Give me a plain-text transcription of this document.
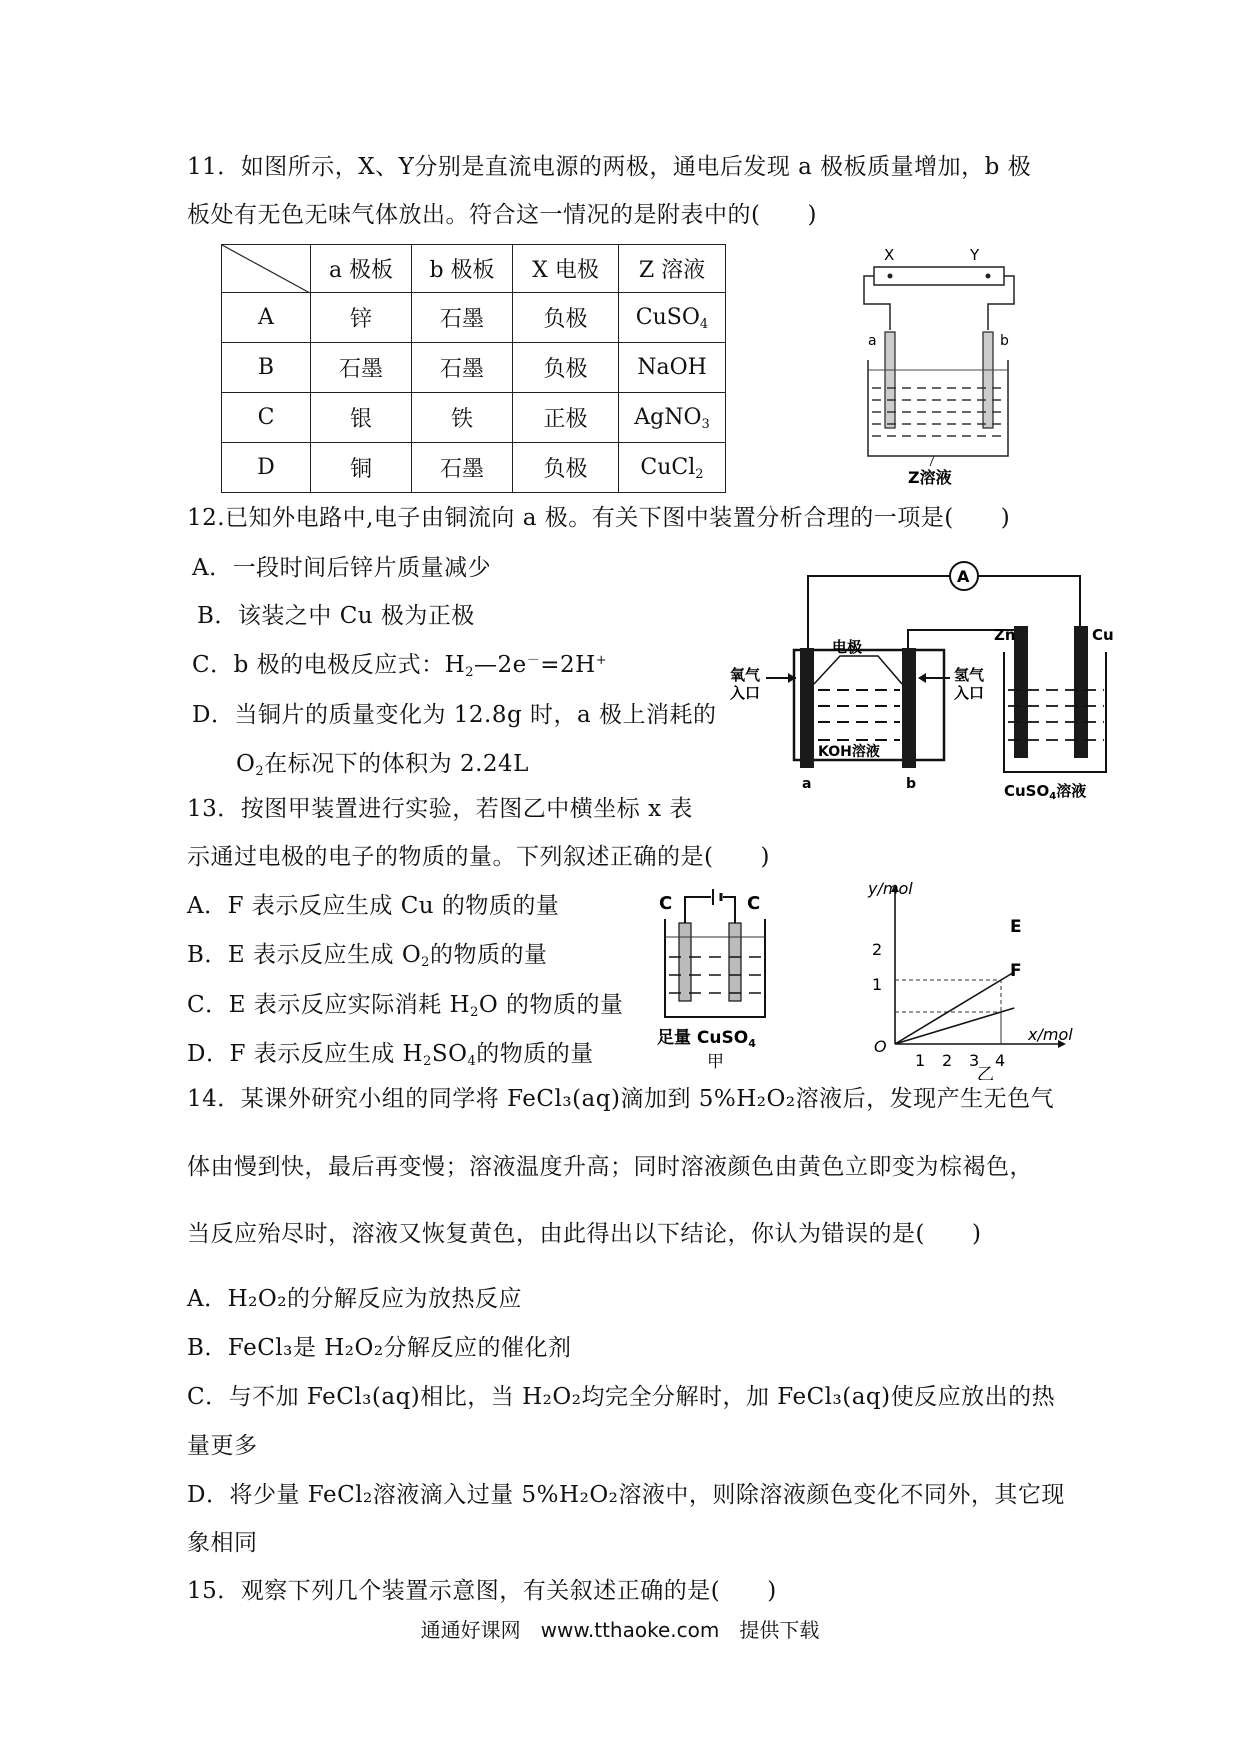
11．如图所示，X、Y分别是直流电源的两极，通电后发现 a 极板质量增加，b 极
板处有无色无味气体放出。符合这一情况的是附表中的(　　)
	a 极板	b 极板	X 电极	Z 溶液
A	锌	石墨	负极	CuSO$_4$
B	石墨	石墨	负极	NaOH
C	银	铁	正极	AgNO$_3$
D	铜	石墨	负极	CuCl$_2$
X	Y
a	b
Z溶液
12.已知外电路中,电子由铜流向 a 极。有关下图中装置分析合理的一项是(　　)
A．一段时间后锌片质量减少
B．该装之中 Cu 极为正极
C．b 极的电极反应式：$H_2—2e^-=2H^+$
D．当铜片的质量变化为 12.8g 时，a 极上消耗的
$O_2$在标况下的体积为 2.24L
A
电极
KOH溶液
氧气
入口
氢气
入口
a	b
Zn	Cu
CuSO$_4$溶液
13．按图甲装置进行实验，若图乙中横坐标 x 表
示通过电极的电子的物质的量。下列叙述正确的是(　　)
A．F 表示反应生成 Cu 的物质的量
B．E 表示反应生成 $O_2$的物质的量
C．E 表示反应实际消耗 $H_2O$ 的物质的量
D．F 表示反应生成 $H_2SO_4$的物质的量
C	C
足量 CuSO$_4$
甲
y/mol
x/mol
O
2
1
1 2 3 4
E
F
乙
14．某课外研究小组的同学将 FeCl₃(aq)滴加到 5%H₂O₂溶液后，发现产生无色气
体由慢到快，最后再变慢；溶液温度升高；同时溶液颜色由黄色立即变为棕褐色，
当反应殆尽时，溶液又恢复黄色，由此得出以下结论，你认为错误的是(　　)
A．H₂O₂的分解反应为放热反应
B．FeCl₃是 H₂O₂分解反应的催化剂
C．与不加 FeCl₃(aq)相比，当 H₂O₂均完全分解时，加 FeCl₃(aq)使反应放出的热
量更多
D．将少量 FeCl₂溶液滴入过量 5%H₂O₂溶液中，则除溶液颜色变化不同外，其它现
象相同
15．观察下列几个装置示意图，有关叙述正确的是(　　)
通通好课网　www.tthaoke.com　提供下载
